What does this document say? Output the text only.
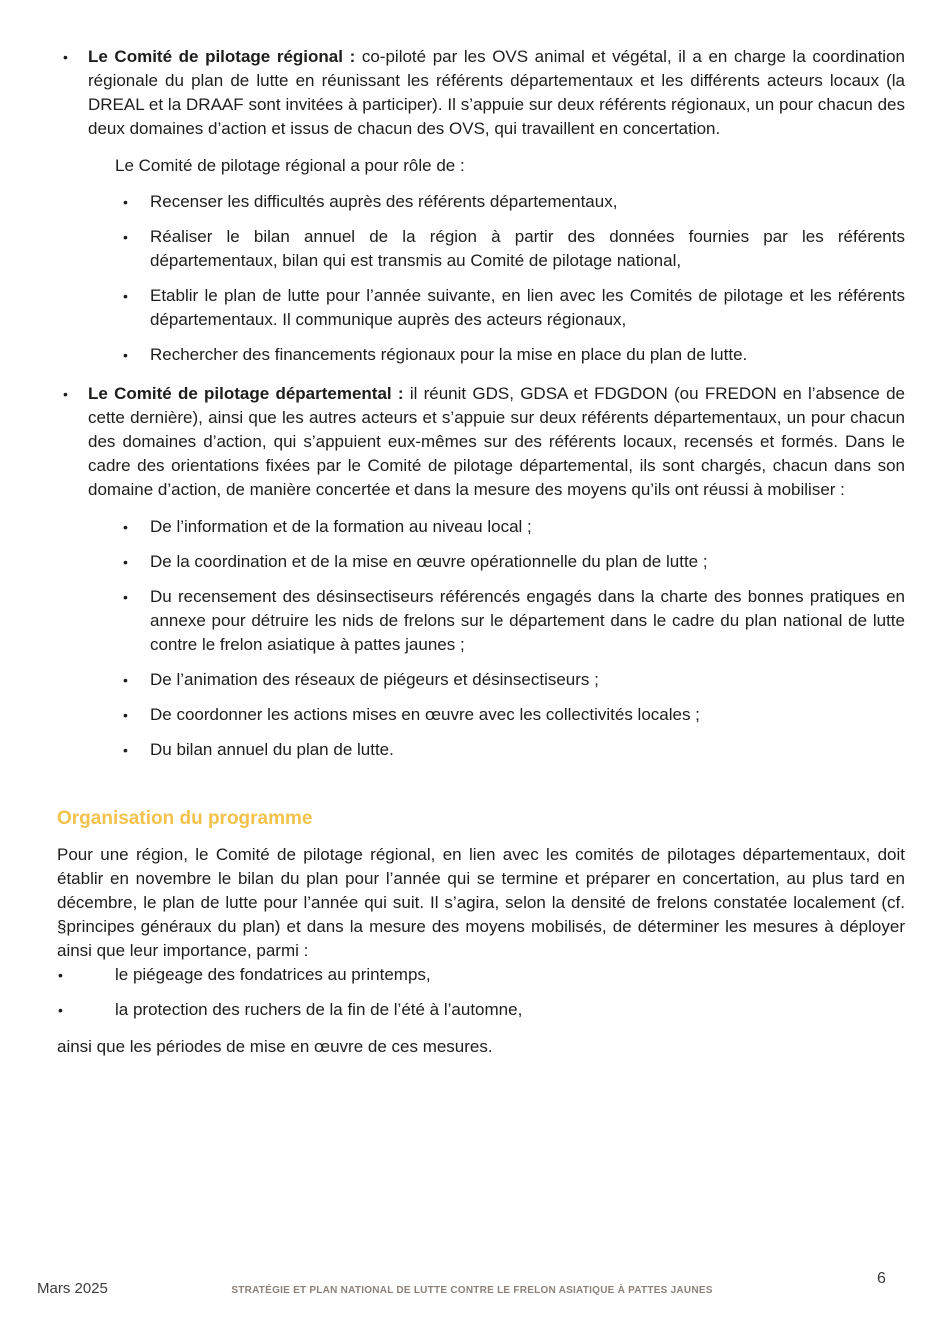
•	Le Comité de pilotage régional : co-piloté par les OVS animal et végétal, il a en charge la coordination régionale du plan de lutte en réunissant les référents départementaux et les différents acteurs locaux (la DREAL et la DRAAF sont invitées à participer). Il s’appuie sur deux référents régionaux, un pour chacun des deux domaines d’action et issus de chacun des OVS, qui travaillent en concertation.

Le Comité de pilotage régional a pour rôle de :

•	Recenser les difficultés auprès des référents départementaux,
•	Réaliser le bilan annuel de la région à partir des données fournies par les référents départementaux, bilan qui est transmis au Comité de pilotage national,
•	Etablir le plan de lutte pour l’année suivante, en lien avec les Comités de pilotage et les référents départementaux. Il communique auprès des acteurs régionaux,
•	Rechercher des financements régionaux pour la mise en place du plan de lutte.
•	Le Comité de pilotage départemental : il réunit GDS, GDSA et FDGDON (ou FREDON en l’absence de cette dernière), ainsi que les autres acteurs et s’appuie sur deux référents départementaux, un pour chacun des domaines d’action, qui s’appuient eux-mêmes sur des référents locaux, recensés et formés. Dans le cadre des orientations fixées par le Comité de pilotage départemental, ils sont chargés, chacun dans son domaine d’action, de manière concertée et dans la mesure des moyens qu’ils ont réussi à mobiliser :
•	De l’information et de la formation au niveau local ;
•	De la coordination et de la mise en œuvre opérationnelle du plan de lutte ;
•	Du recensement des désinsectiseurs référencés engagés dans la charte des bonnes pratiques en annexe pour détruire les nids de frelons sur le département dans le cadre du plan national de lutte contre le frelon asiatique à pattes jaunes ;
•	De l’animation des réseaux de piégeurs et désinsectiseurs ;
•	De coordonner les actions mises en œuvre avec les collectivités locales ;
•	Du bilan annuel du plan de lutte.
Organisation du programme

Pour une région, le Comité de pilotage régional, en lien avec les comités de pilotages départementaux, doit établir en novembre le bilan du plan pour l’année qui se termine et préparer en concertation, au plus tard en décembre, le plan de lutte pour l’année qui suit. Il s’agira, selon la densité de frelons constatée localement (cf. §principes généraux du plan) et dans la mesure des moyens mobilisés, de déterminer les mesures à déployer ainsi que leur importance, parmi :

•	le piégeage des fondatrices au printemps,
•	la protection des ruchers de la fin de l’été à l’automne,

ainsi que les périodes de mise en œuvre de ces mesures.

Mars 2025	STRATÉGIE ET PLAN NATIONAL DE LUTTE CONTRE LE FRELON ASIATIQUE À PATTES JAUNES
6
